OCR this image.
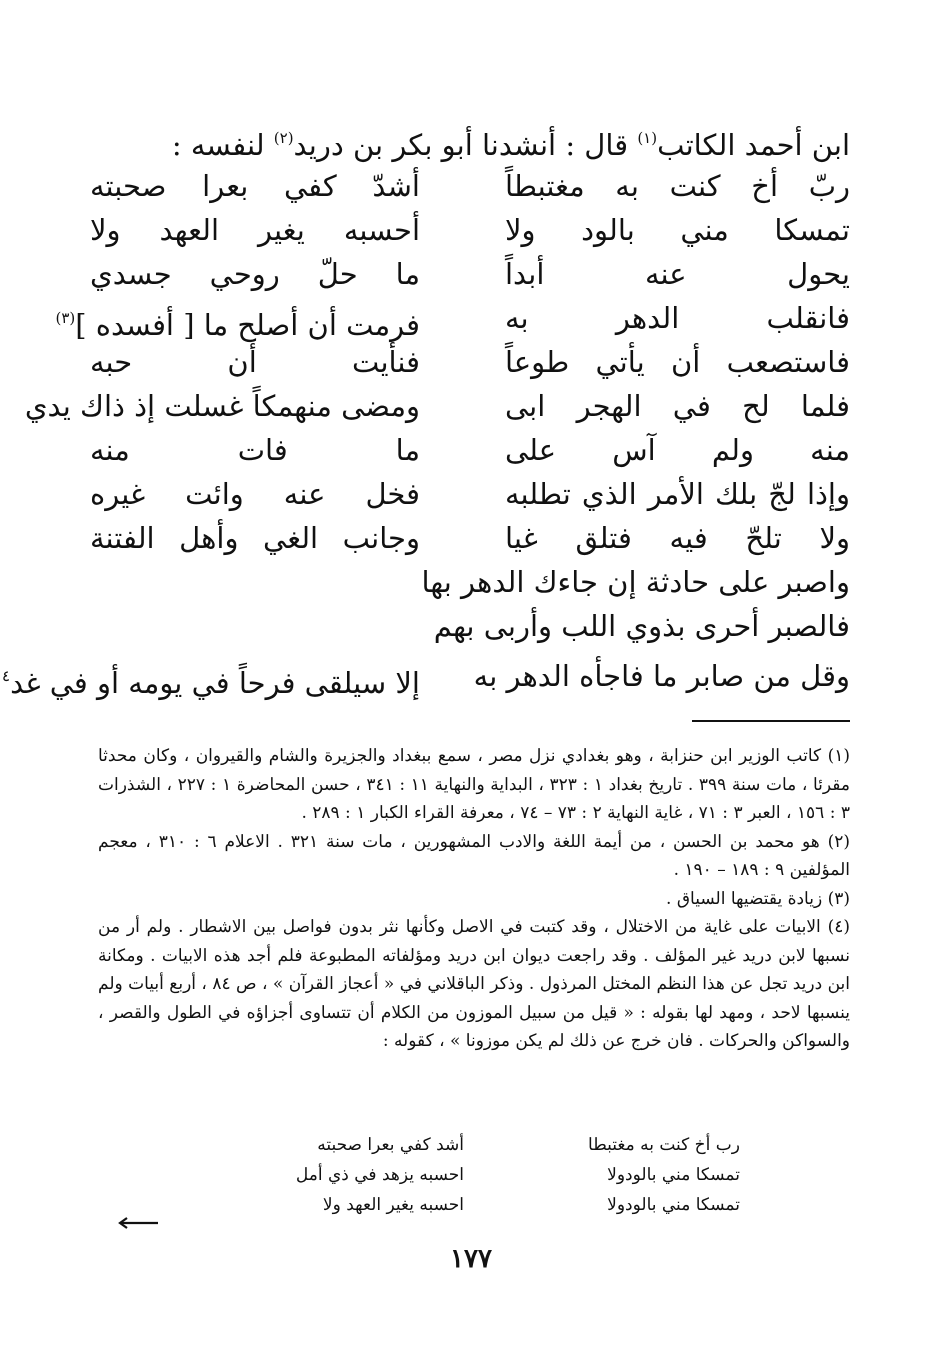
ابن أحمد الكاتب$^{(١)}$ قال : أنشدنا أبو بكر بن دريد$^{(٢)}$ لنفسه :
ربّ أخ كنت به مغتبطاً
أشدّ كفي بعرا صحبته
تمسكا مني بالود ولا
أحسبه يغير العهد ولا
يحول عنه أبداً
ما حلّ روحي جسدي
فانقلب الدهر به
فرمت أن أصلح ما [ أفسده ]$^{(٣)}$
فاستصعب أن يأتي طوعاً
فنأيت أن حبه
فلما لح في الهجر ابى
ومضى منهمكاً غسلت إذ ذاك يدي
منه ولم آس على
ما فات منه
وإذا لجّ بلك الأمر الذي تطلبه
فخل عنه وائت غيره
ولا تلحّ فيه فتلق غيا
وجانب الغي وأهل الفتنة
واصبر على حادثة إن جاءك الدهر بها
فالصبر أحرى بذوي اللب وأربى بهم
وقل من صابر ما فاجأه الدهر به
إلا سيلقى فرحاً في يومه أو في غد$^٤$

(١) كاتب الوزير ابن حنزابة ، وهو بغدادي نزل مصر ، سمع ببغداد والجزيرة والشام والقيروان ، وكان محدثا مقرئا ، مات سنة ٣٩٩ . تاريخ بغداد ١ : ٣٢٣ ، البداية والنهاية ١١ : ٣٤١ ، حسن المحاضرة ١ : ٢٢٧ ، الشذرات ٣ : ١٥٦ ، العبر ٣ : ٧١ ، غاية النهاية ٢ : ٧٣ – ٧٤ ، معرفة القراء الكبار ١ : ٢٨٩ .

(٢) هو محمد بن الحسن ، من أيمة اللغة والادب المشهورين ، مات سنة ٣٢١ . الاعلام ٦ : ٣١٠ ، معجم المؤلفين ٩ : ١٨٩ – ١٩٠ .

(٣) زيادة يقتضيها السياق .

(٤) الابيات على غاية من الاختلال ، وقد كتبت في الاصل وكأنها نثر بدون فواصل بين الاشطار . ولم أر من نسبها لابن دريد غير المؤلف . وقد راجعت ديوان ابن دريد ومؤلفاته المطبوعة فلم أجد هذه الابيات . ومكانة ابن دريد تجل عن هذا النظم المختل المرذول . وذكر الباقلاني في « أعجاز القرآن » ، ص ٨٤ ، أربع أبيات ولم ينسبها لاحد ، ومهد لها بقوله : « قيل من سبيل الموزون من الكلام أن تتساوى أجزاؤه في الطول والقصر ، والسواكن والحركات . فان خرج عن ذلك لم يكن موزونا » ، كقوله :

رب أخ كنت به مغتبطا
أشد كفي بعرا صحبته
تمسكا مني بالودولا
احسبه يزهد في ذي أمل
تمسكا مني بالودولا
احسبه يغير العهد ولا
١٧٧
